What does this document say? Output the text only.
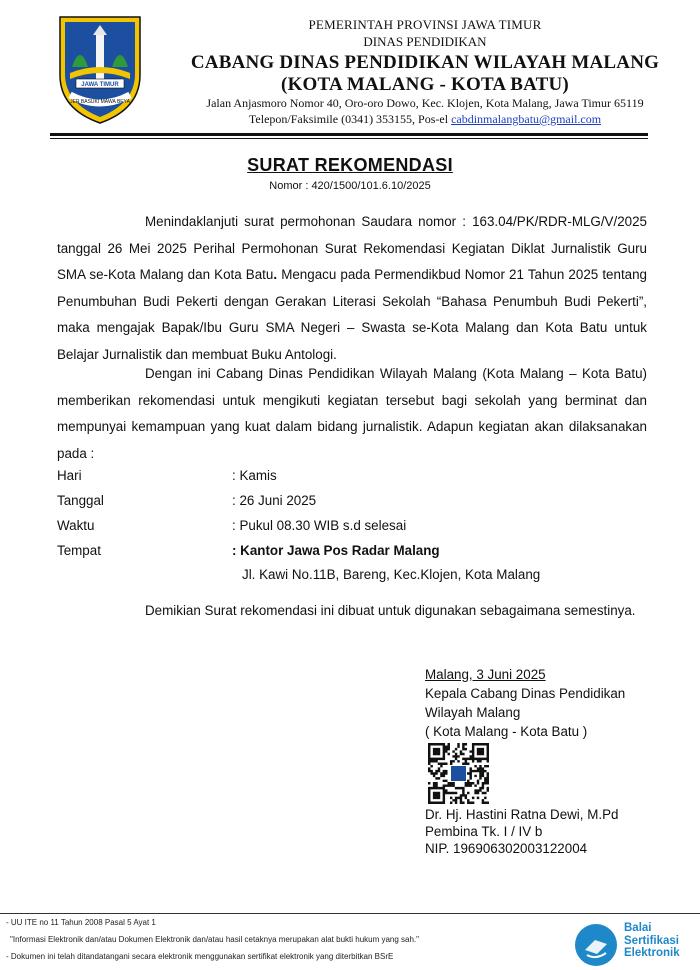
JAWA TIMUR
JER BASUKI MAWA BEYA
PEMERINTAH PROVINSI JAWA TIMUR
DINAS PENDIDIKAN
CABANG DINAS PENDIDIKAN WILAYAH MALANG
(KOTA MALANG - KOTA BATU)
Jalan Anjasmoro Nomor 40, Oro-oro Dowo, Kec. Klojen, Kota Malang, Jawa Timur 65119
Telepon/Faksimile (0341) 353155, Pos-el cabdinmalangbatu@gmail.com
SURAT REKOMENDASI
Nomor : 420/1500/101.6.10/2025
Menindaklanjuti surat permohonan Saudara nomor : 163.04/PK/RDR-MLG/V/2025 tanggal 26 Mei 2025 Perihal Permohonan Surat Rekomendasi Kegiatan Diklat Jurnalistik Guru SMA se-Kota Malang dan Kota Batu. Mengacu pada Permendikbud Nomor 21 Tahun 2025 tentang Penumbuhan Budi Pekerti dengan Gerakan Literasi Sekolah “Bahasa Penumbuh Budi Pekerti”, maka mengajak Bapak/Ibu Guru SMA Negeri – Swasta se-Kota Malang dan Kota Batu untuk Belajar Jurnalistik dan membuat Buku Antologi.
Dengan ini Cabang Dinas Pendidikan Wilayah Malang (Kota Malang – Kota Batu) memberikan rekomendasi untuk mengikuti kegiatan tersebut bagi sekolah yang berminat dan mempunyai kemampuan yang kuat dalam bidang jurnalistik. Adapun kegiatan akan dilaksanakan pada :
Hari	: Kamis
Tanggal	: 26 Juni 2025
Waktu	: Pukul 08.30 WIB s.d selesai
Tempat	: Kantor Jawa Pos Radar Malang
Jl. Kawi No.11B, Bareng, Kec.Klojen, Kota Malang
Demikian Surat rekomendasi ini dibuat untuk digunakan sebagaimana semestinya.
Malang, 3 Juni 2025
Kepala Cabang Dinas Pendidikan
Wilayah Malang
( Kota Malang - Kota Batu )
Dr. Hj. Hastini Ratna Dewi, M.Pd
Pembina Tk. I / IV b
NIP. 196906302003122004
- UU ITE no 11 Tahun 2008 Pasal 5 Ayat 1
"Informasi Elektronik dan/atau Dokumen Elektronik dan/atau hasil cetaknya merupakan alat bukti hukum yang sah."
- Dokumen ini telah ditandatangani secara elektronik menggunakan sertifikat elektronik yang diterbitkan BSrE
Balai
Sertifikasi
Elektronik
